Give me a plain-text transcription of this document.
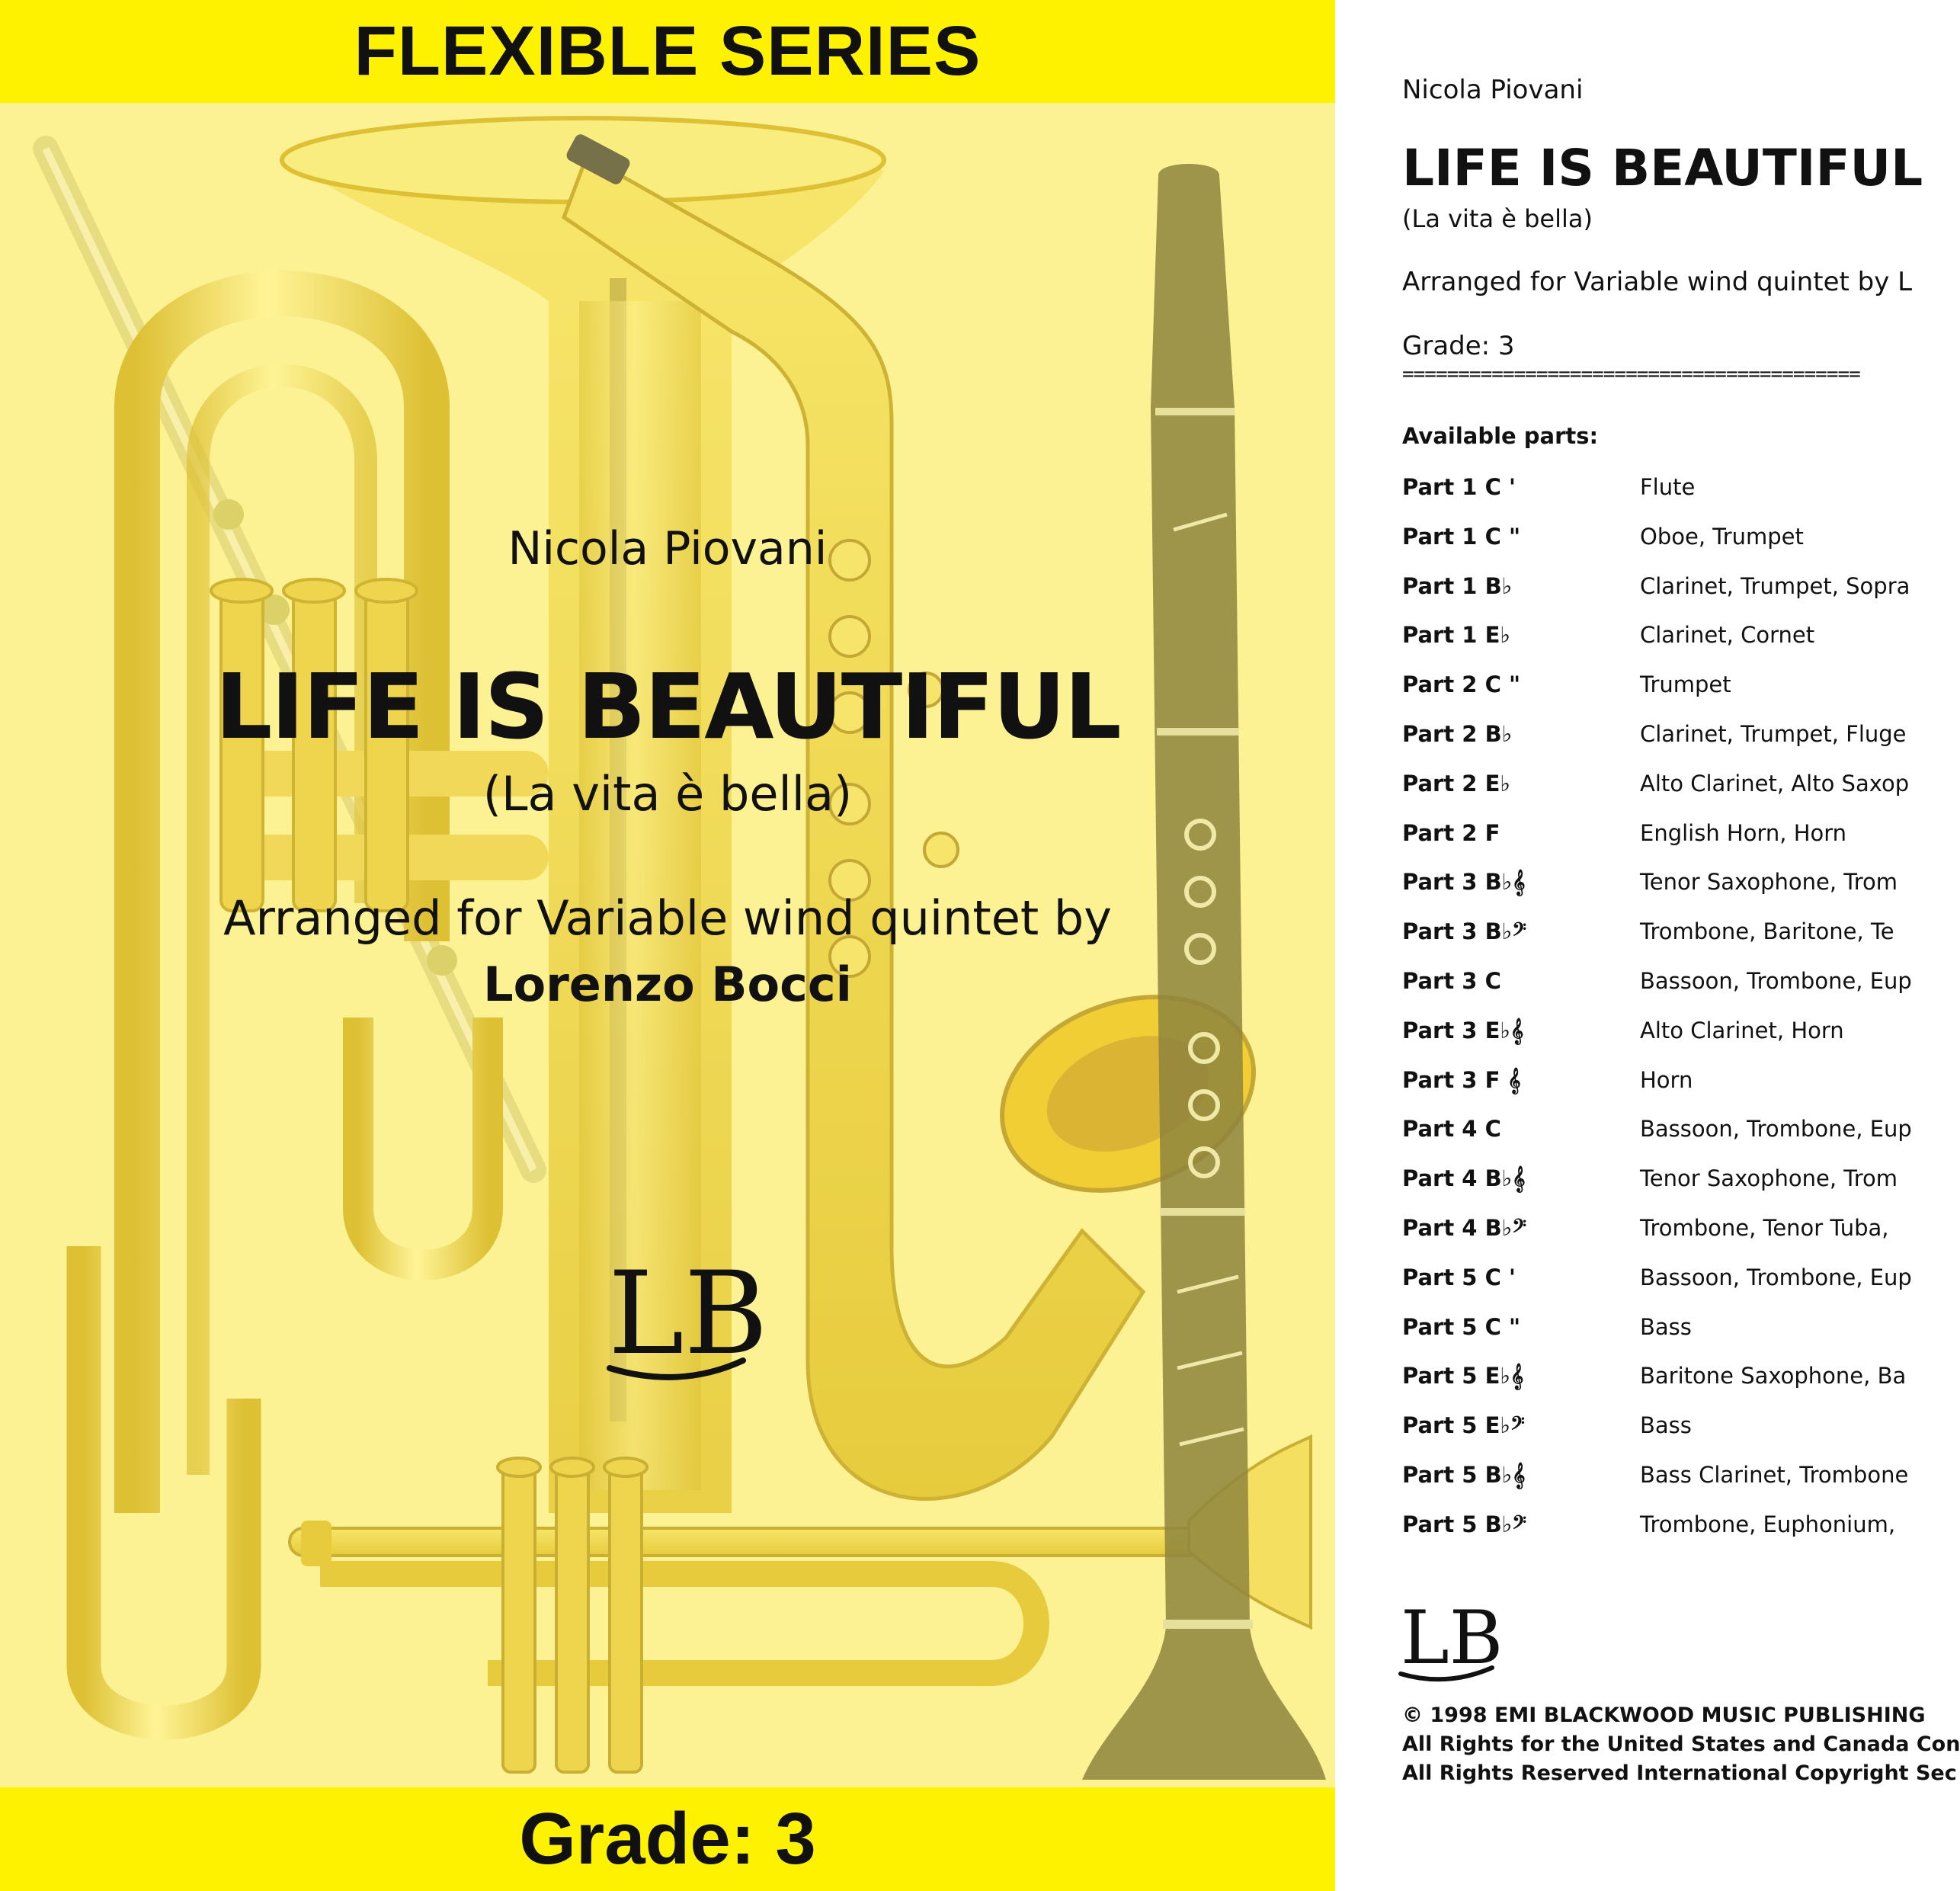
FLEXIBLE SERIES
Nicola Piovani
LIFE IS BEAUTIFUL
(La vita è bella)
Arranged for Variable wind quintet by
Lorenzo Bocci
LB
Grade: 3
Nicola Piovani
LIFE IS BEAUTIFUL
(La vita è bella)
Arranged for Variable wind quintet by L
Grade: 3
=========================================
Available parts:
Part 1 C '	Flute
Part 1 C "	Oboe, Trumpet
Part 1 B♭	Clarinet, Trumpet, Sopra
Part 1 E♭	Clarinet, Cornet
Part 2 C "	Trumpet
Part 2 B♭	Clarinet, Trumpet, Fluge
Part 2 E♭	Alto Clarinet, Alto Saxop
Part 2 F	English Horn, Horn
Part 3 B♭𝄞	Tenor Saxophone, Trom
Part 3 B♭𝄢	Trombone, Baritone, Te
Part 3 C	Bassoon, Trombone, Eup
Part 3 E♭𝄞	Alto Clarinet, Horn
Part 3 F 𝄞	Horn
Part 4 C	Bassoon, Trombone, Eup
Part 4 B♭𝄞	Tenor Saxophone, Trom
Part 4 B♭𝄢	Trombone, Tenor Tuba,
Part 5 C '	Bassoon, Trombone, Eup
Part 5 C "	Bass
Part 5 E♭𝄞	Baritone Saxophone, Ba
Part 5 E♭𝄢	Bass
Part 5 B♭𝄞	Bass Clarinet, Trombone
Part 5 B♭𝄢	Trombone, Euphonium,
LB
© 1998 EMI BLACKWOOD MUSIC PUBLISHING
All Rights for the United States and Canada Con
All Rights Reserved International Copyright Sec
